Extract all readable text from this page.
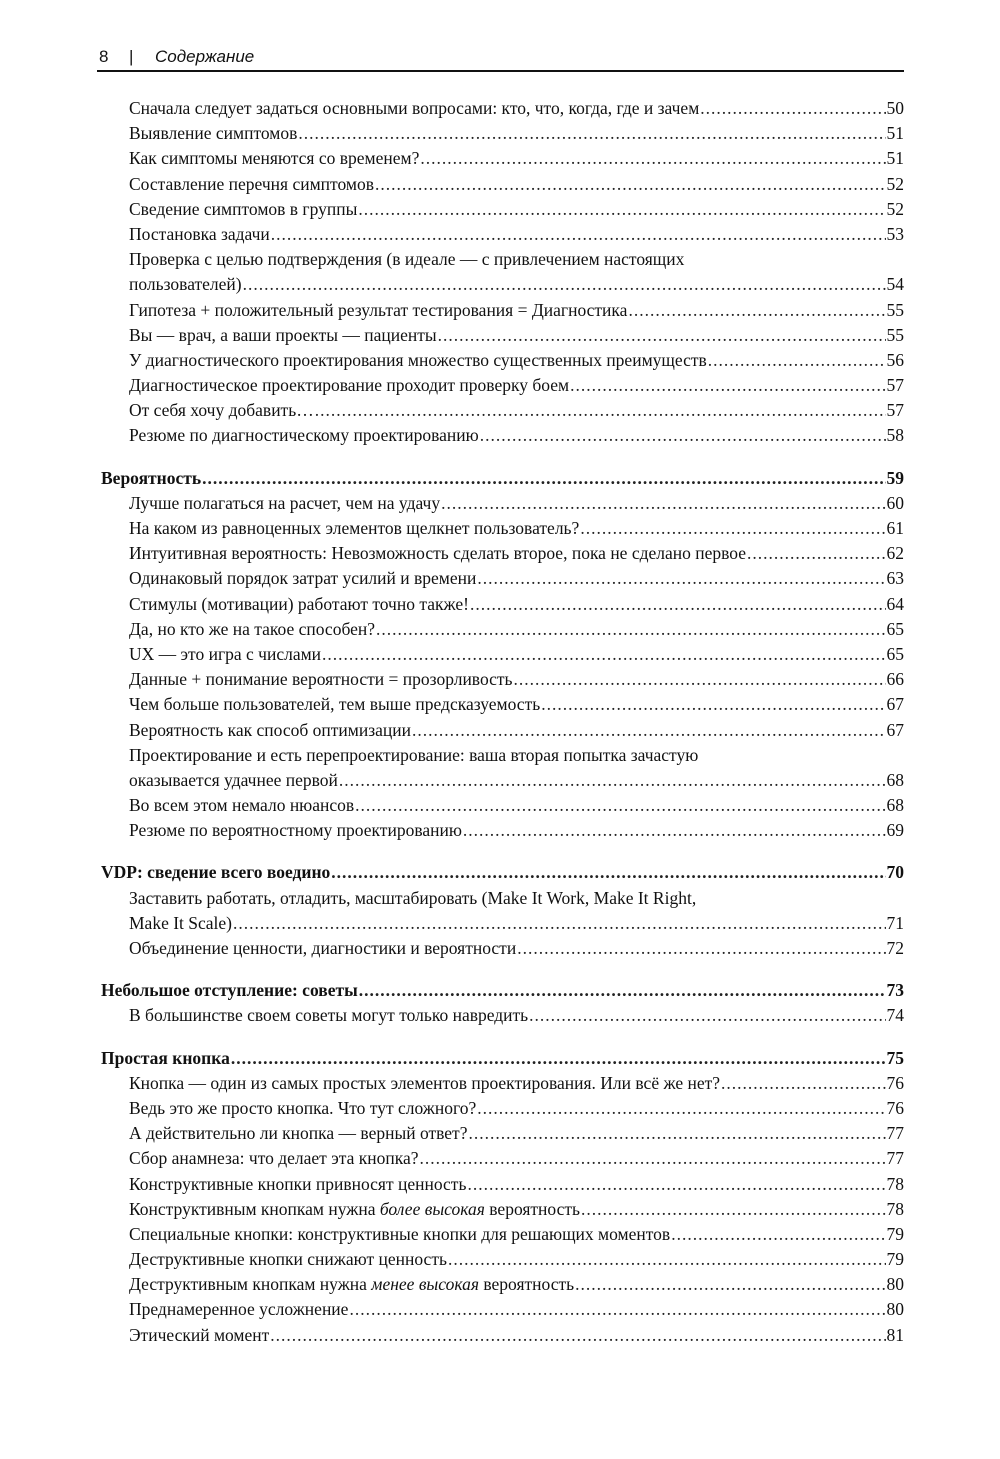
8 | Содержание
Сначала следует задаться основными вопросами: кто, что, когда, где и зачем .....	50
Выявление симптомов .....	51
Как симптомы меняются со временем? .....	51
Составление перечня симптомов .....	52
Сведение симптомов в группы .....	52
Постановка задачи .....	53
Проверка с целью подтверждения (в идеале — с привлечением настоящих
пользователей) .....	54
Гипотеза + положительный результат тестирования = Диагностика .....	55
Вы — врач, а ваши проекты — пациенты .....	55
У диагностического проектирования множество существенных преимуществ .....	56
Диагностическое проектирование проходит проверку боем .....	57
От себя хочу добавить… .....	57
Резюме по диагностическому проектированию .....	58
Вероятность .....	59
Лучше полагаться на расчет, чем на удачу .....	60
На каком из равноценных элементов щелкнет пользователь? .....	61
Интуитивная вероятность: Невозможность сделать второе, пока не сделано первое .....	62
Одинаковый порядок затрат усилий и времени .....	63
Стимулы (мотивации) работают точно также! .....	64
Да, но кто же на такое способен? .....	65
UX — это игра с числами .....	65
Данные + понимание вероятности = прозорливость .....	66
Чем больше пользователей, тем выше предсказуемость .....	67
Вероятность как способ оптимизации .....	67
Проектирование и есть перепроектирование: ваша вторая попытка зачастую
оказывается удачнее первой .....	68
Во всем этом немало нюансов .....	68
Резюме по вероятностному проектированию .....	69
VDP: сведение всего воедино .....	70
Заставить работать, отладить, масштабировать (Make It Work, Make It Right,
Make It Scale) .....	71
Объединение ценности, диагностики и вероятности .....	72
Небольшое отступление: советы .....	73
В большинстве своем советы могут только навредить .....	74
Простая кнопка .....	75
Кнопка — один из самых простых элементов проектирования. Или всё же нет? .....	76
Ведь это же просто кнопка. Что тут сложного? .....	76
А действительно ли кнопка — верный ответ? .....	77
Сбор анамнеза: что делает эта кнопка? .....	77
Конструктивные кнопки привносят ценность .....	78
Конструктивным кнопкам нужна более высокая вероятность .....	78
Специальные кнопки: конструктивные кнопки для решающих моментов .....	79
Деструктивные кнопки снижают ценность .....	79
Деструктивным кнопкам нужна менее высокая вероятность .....	80
Преднамеренное усложнение .....	80
Этический момент .....	81
